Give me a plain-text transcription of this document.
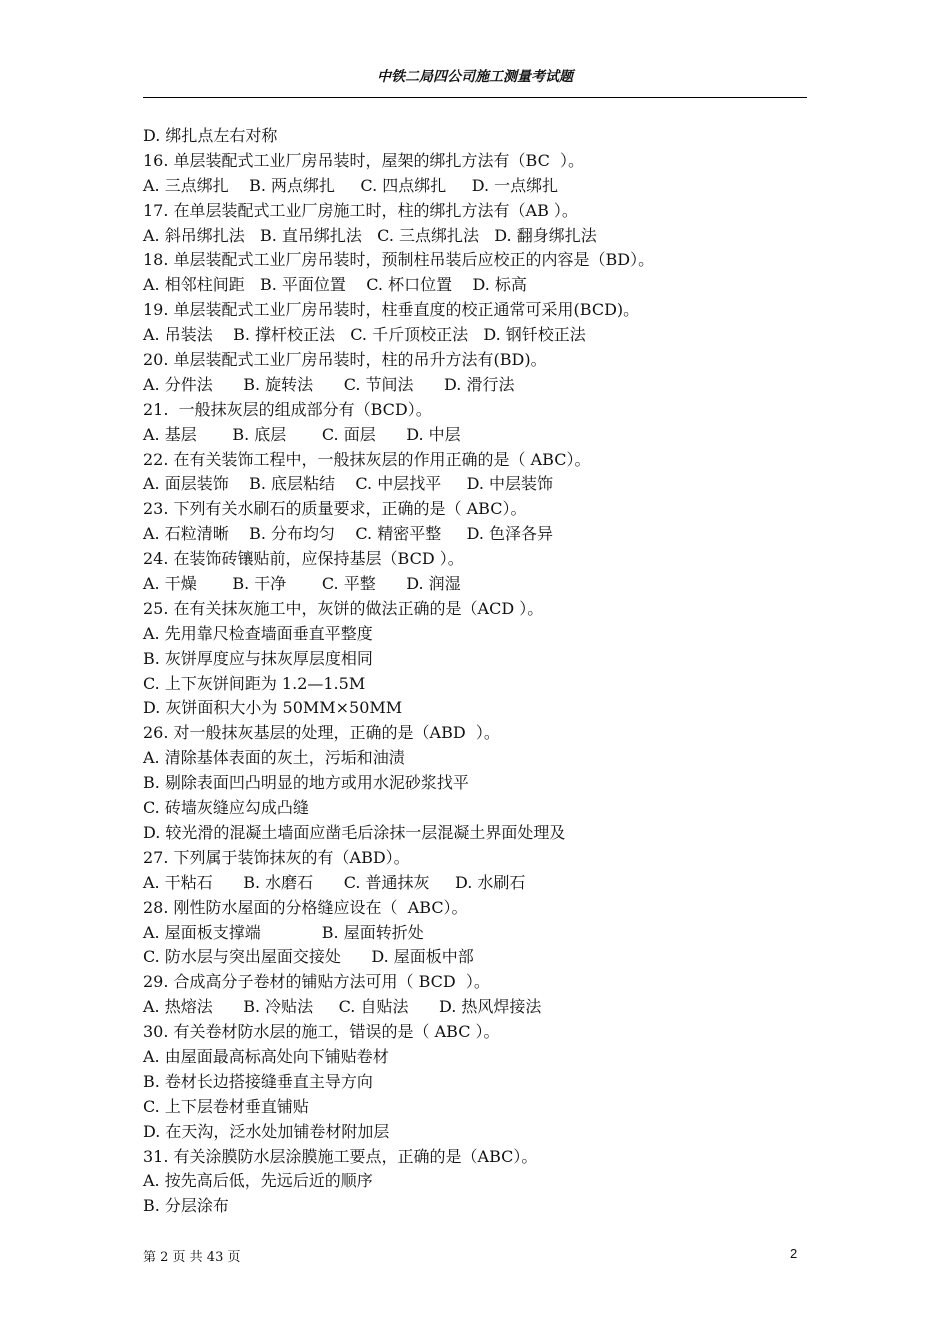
中铁二局四公司施工测量考试题
D. 绑扎点左右对称
16. 单层装配式工业厂房吊装时，屋架的绑扎方法有（BC  ）。
A. 三点绑扎    B. 两点绑扎     C. 四点绑扎     D. 一点绑扎
17. 在单层装配式工业厂房施工时，柱的绑扎方法有（AB ）。
A. 斜吊绑扎法   B. 直吊绑扎法   C. 三点绑扎法   D. 翻身绑扎法
18. 单层装配式工业厂房吊装时，预制柱吊装后应校正的内容是（BD）。
A. 相邻柱间距   B. 平面位置    C. 杯口位置    D. 标高
19. 单层装配式工业厂房吊装时，柱垂直度的校正通常可采用(BCD)。
A. 吊装法    B. 撑杆校正法   C. 千斤顶校正法   D. 钢钎校正法
20. 单层装配式工业厂房吊装时，柱的吊升方法有(BD)。
A. 分件法      B. 旋转法      C. 节间法      D. 滑行法
21.  一般抹灰层的组成部分有（BCD）。
A. 基层       B. 底层       C. 面层      D. 中层
22. 在有关装饰工程中，一般抹灰层的作用正确的是（ ABC）。
A. 面层装饰    B. 底层粘结    C. 中层找平     D. 中层装饰
23. 下列有关水刷石的质量要求，正确的是（ ABC）。
A. 石粒清晰    B. 分布均匀    C. 精密平整     D. 色泽各异
24. 在装饰砖镶贴前，应保持基层（BCD ）。
A. 干燥       B. 干净       C. 平整      D. 润湿
25. 在有关抹灰施工中，灰饼的做法正确的是（ACD ）。
A. 先用靠尺检查墙面垂直平整度
B. 灰饼厚度应与抹灰厚层度相同
C. 上下灰饼间距为 1.2—1.5M
D. 灰饼面积大小为 50MM×50MM
26. 对一般抹灰基层的处理，正确的是（ABD  ）。
A. 清除基体表面的灰土，污垢和油渍
B. 剔除表面凹凸明显的地方或用水泥砂浆找平
C. 砖墙灰缝应勾成凸缝
D. 较光滑的混凝土墙面应凿毛后涂抹一层混凝土界面处理及
27. 下列属于装饰抹灰的有（ABD）。
A. 干粘石      B. 水磨石      C. 普通抹灰     D. 水刷石
28. 刚性防水屋面的分格缝应设在（  ABC）。
A. 屋面板支撑端            B. 屋面转折处
C. 防水层与突出屋面交接处      D. 屋面板中部
29. 合成高分子卷材的铺贴方法可用（ BCD  ）。
A. 热熔法      B. 冷贴法     C. 自贴法      D. 热风焊接法
30. 有关卷材防水层的施工，错误的是（ ABC ）。
A. 由屋面最高标高处向下铺贴卷材
B. 卷材长边搭接缝垂直主导方向
C. 上下层卷材垂直铺贴
D. 在天沟，泛水处加铺卷材附加层
31. 有关涂膜防水层涂膜施工要点，正确的是（ABC）。
A. 按先高后低，先远后近的顺序
B. 分层涂布
第 2 页 共 43 页	2
